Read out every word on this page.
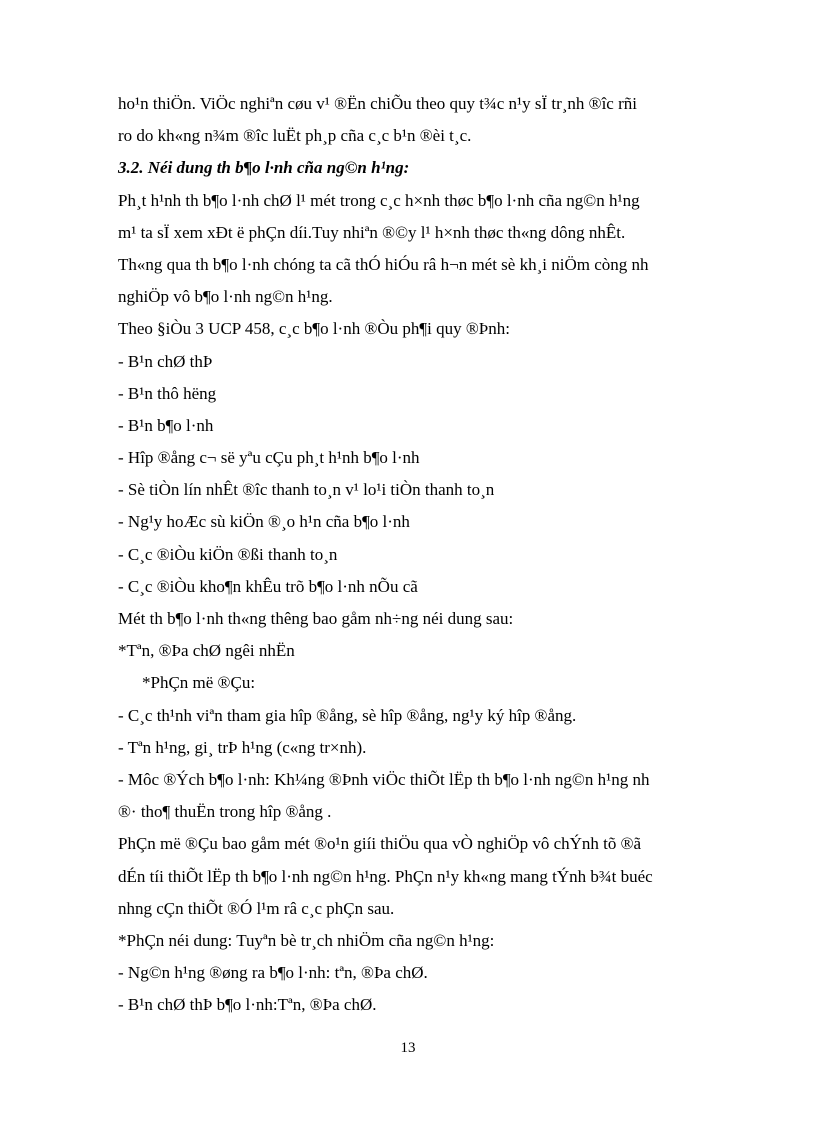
ho¹n thiÖn. ViÖc nghiªn cøu v¹ ®Ën chiÕu theo quy t¾c n¹y sÏ tr¸nh ®îc rñi

ro do kh«ng n¾m ®îc luËt ph¸p cña c¸c b¹n ®èi t¸c.

3.2. Néi dung th b¶o l·nh cña ng©n h¹ng:

Ph¸t h¹nh th b¶o l·nh chØ l¹ mét trong c¸c h×nh thøc b¶o l·nh cña ng©n h¹ng

m¹ ta sÏ xem xÐt ë phÇn díi.Tuy nhiªn ®©y l¹ h×nh thøc th«ng dông nhÊt.

Th«ng qua th b¶o l·nh chóng ta cã thÓ hiÓu râ h¬n mét sè kh¸i niÖm còng nh

nghiÖp vô b¶o l·nh ng©n h¹ng.

Theo §iÒu 3 UCP 458, c¸c b¶o l·nh ®Òu ph¶i quy ®Þnh:

- B¹n chØ thÞ

- B¹n thô hëng

- B¹n b¶o l·nh

- Hîp ®ång c¬ së yªu cÇu ph¸t h¹nh b¶o l·nh

- Sè tiÒn lín nhÊt ®îc thanh to¸n v¹ lo¹i tiÒn thanh to¸n

- Ng¹y hoÆc sù kiÖn ®¸o h¹n cña b¶o l·nh

- C¸c ®iÒu kiÖn ®ßi thanh to¸n

- C¸c ®iÒu kho¶n khÊu trõ b¶o l·nh nÕu cã

Mét th b¶o l·nh th«ng thêng bao gåm nh÷ng néi dung sau:

*Tªn, ®Þa chØ ngêi nhËn

*PhÇn më ®Çu:

- C¸c th¹nh viªn tham gia hîp ®ång, sè hîp ®ång, ng¹y ký hîp ®ång.

- Tªn h¹ng, gi¸ trÞ h¹ng (c«ng tr×nh).

- Môc ®Ých b¶o l·nh: Kh¼ng ®Þnh viÖc thiÕt lËp th b¶o l·nh ng©n h¹ng nh

®· tho¶ thuËn trong hîp ®ång .

PhÇn më ®Çu bao gåm mét ®o¹n giíi thiÖu qua vÒ nghiÖp vô chÝnh tõ ®ã

dÉn tíi thiÕt lËp th b¶o l·nh ng©n h¹ng. PhÇn n¹y kh«ng mang tÝnh b¾t buéc

nhng cÇn thiÕt ®Ó l¹m râ c¸c phÇn sau.

*PhÇn néi dung: Tuyªn bè tr¸ch nhiÖm cña ng©n h¹ng:

- Ng©n h¹ng ®øng ra b¶o l·nh: tªn, ®Þa chØ.

- B¹n chØ thÞ b¶o l·nh:Tªn, ®Þa chØ.

13
